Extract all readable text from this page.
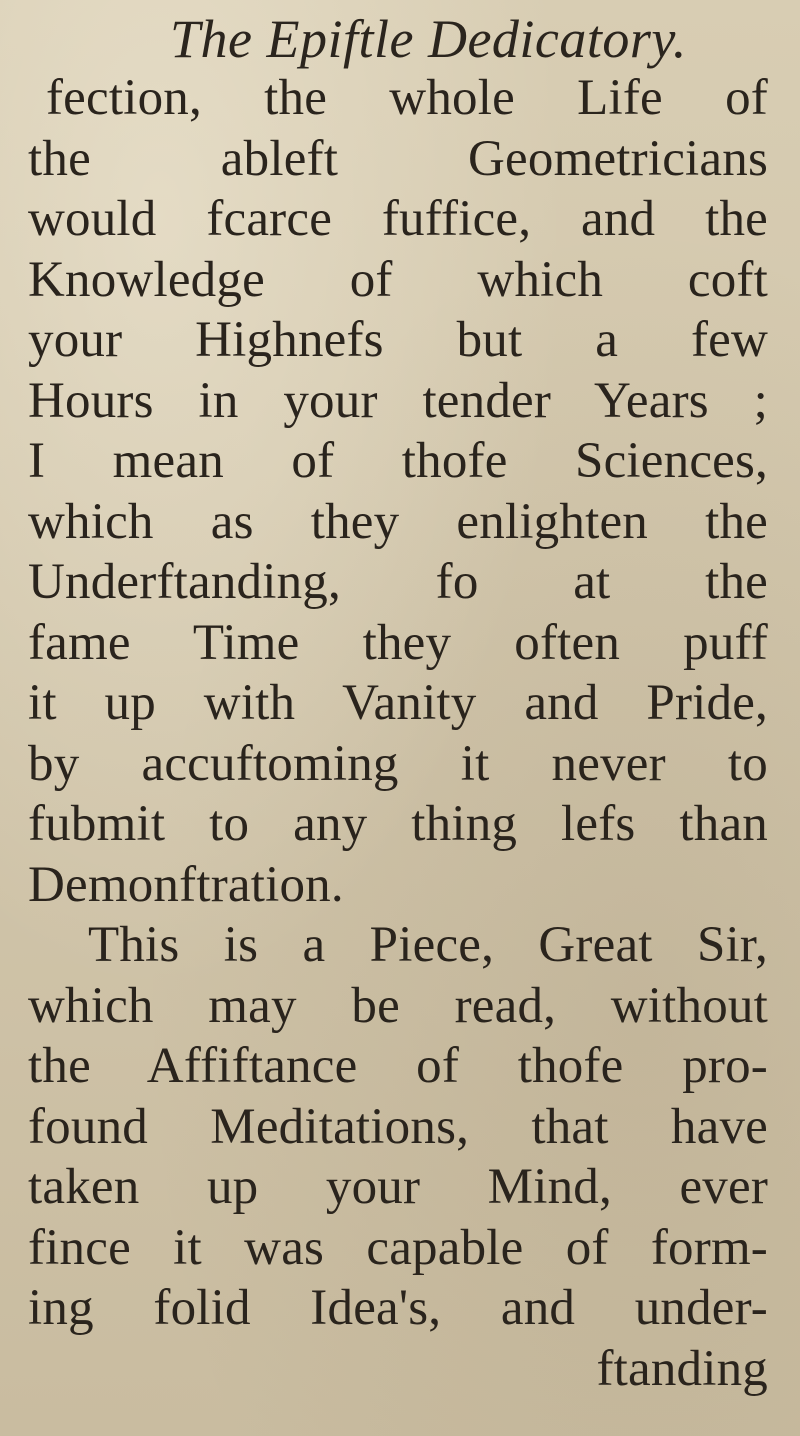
The Epiftle Dedicatory.
fection, the whole Life of
the ableft Geometricians
would fcarce fuffice, and the
Knowledge of which coft
your Highnefs but a few
Hours in your tender Years ;
I mean of thofe Sciences,
which as they enlighten the
Underftanding, fo at the
fame Time they often puff
it up with Vanity and Pride,
by accuftoming it never to
fubmit to any thing lefs than
Demonftration.
This is a Piece, Great Sir,
which may be read, without
the Affiftance of thofe pro-
found Meditations, that have
taken up your Mind, ever
fince it was capable of form-
ing folid Idea's, and under-
ftanding
